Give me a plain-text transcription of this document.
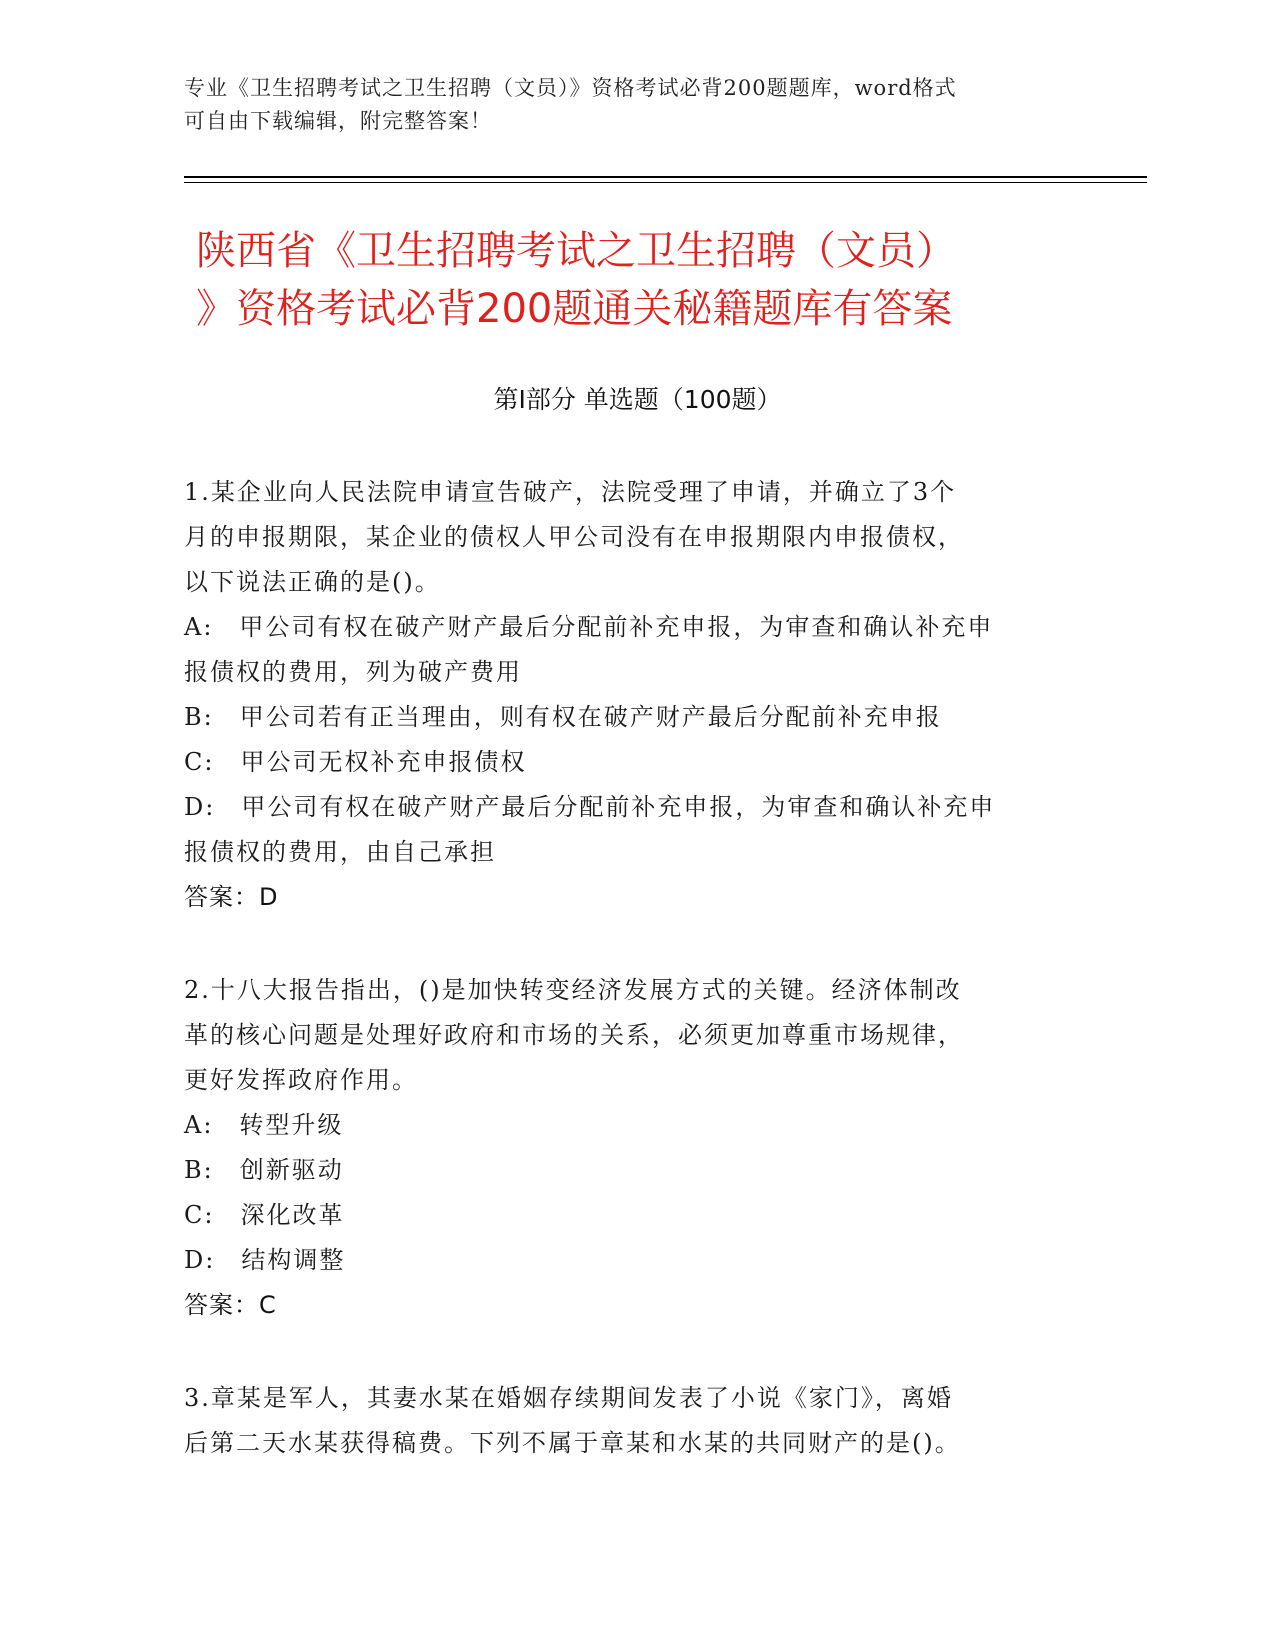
专业《卫生招聘考试之卫生招聘（文员）》资格考试必背200题题库，word格式
可自由下载编辑，附完整答案！
陕西省《卫生招聘考试之卫生招聘（文员）
》资格考试必背200题通关秘籍题库有答案
第Ⅰ部分 单选题（100题）
1.某企业向人民法院申请宣告破产，法院受理了申请，并确立了3个
月的申报期限，某企业的债权人甲公司没有在申报期限内申报债权，
以下说法正确的是()。
A:　甲公司有权在破产财产最后分配前补充申报，为审查和确认补充申
报债权的费用，列为破产费用
B:　甲公司若有正当理由，则有权在破产财产最后分配前补充申报
C:　甲公司无权补充申报债权
D:　甲公司有权在破产财产最后分配前补充申报，为审查和确认补充申
报债权的费用，由自己承担
答案：D
2.十八大报告指出，()是加快转变经济发展方式的关键。经济体制改
革的核心问题是处理好政府和市场的关系，必须更加尊重市场规律，
更好发挥政府作用。
A:　转型升级
B:　创新驱动
C:　深化改革
D:　结构调整
答案：C
3.章某是军人，其妻水某在婚姻存续期间发表了小说《家门》，离婚
后第二天水某获得稿费。下列不属于章某和水某的共同财产的是()。
